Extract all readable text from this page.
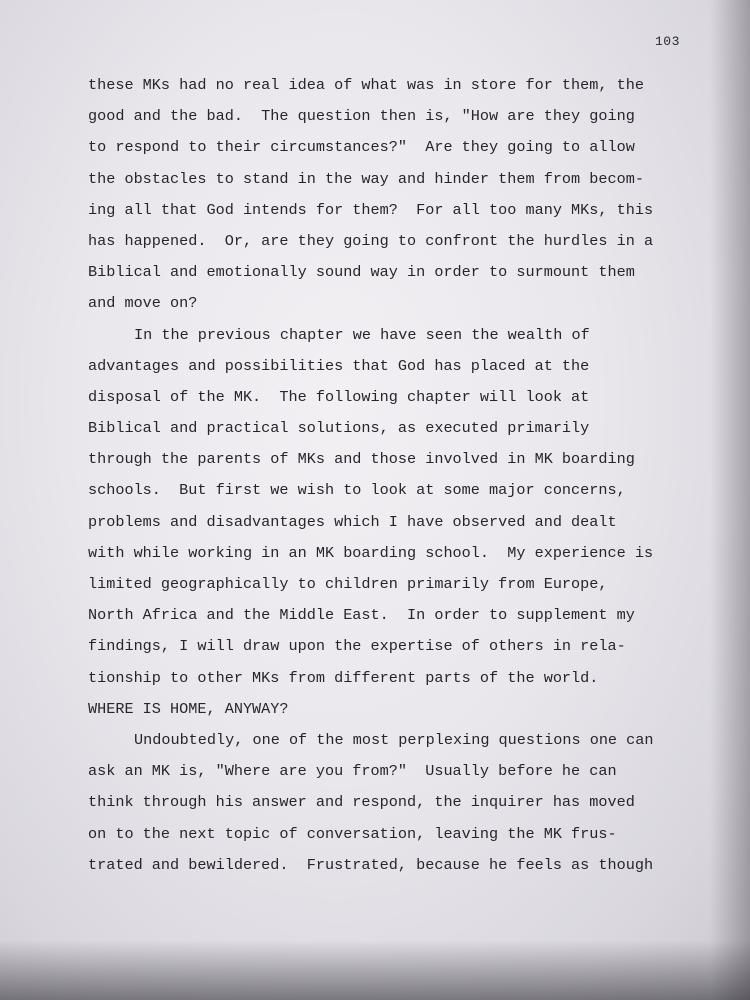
103
these MKs had no real idea of what was in store for them, the
good and the bad.  The question then is, "How are they going
to respond to their circumstances?"  Are they going to allow
the obstacles to stand in the way and hinder them from becom-
ing all that God intends for them?  For all too many MKs, this
has happened.  Or, are they going to confront the hurdles in a
Biblical and emotionally sound way in order to surmount them
and move on?
In the previous chapter we have seen the wealth of
advantages and possibilities that God has placed at the
disposal of the MK.  The following chapter will look at
Biblical and practical solutions, as executed primarily
through the parents of MKs and those involved in MK boarding
schools.  But first we wish to look at some major concerns,
problems and disadvantages which I have observed and dealt
with while working in an MK boarding school.  My experience is
limited geographically to children primarily from Europe,
North Africa and the Middle East.  In order to supplement my
findings, I will draw upon the expertise of others in rela-
tionship to other MKs from different parts of the world.
WHERE IS HOME, ANYWAY?
Undoubtedly, one of the most perplexing questions one can
ask an MK is, "Where are you from?"  Usually before he can
think through his answer and respond, the inquirer has moved
on to the next topic of conversation, leaving the MK frus-
trated and bewildered.  Frustrated, because he feels as though
